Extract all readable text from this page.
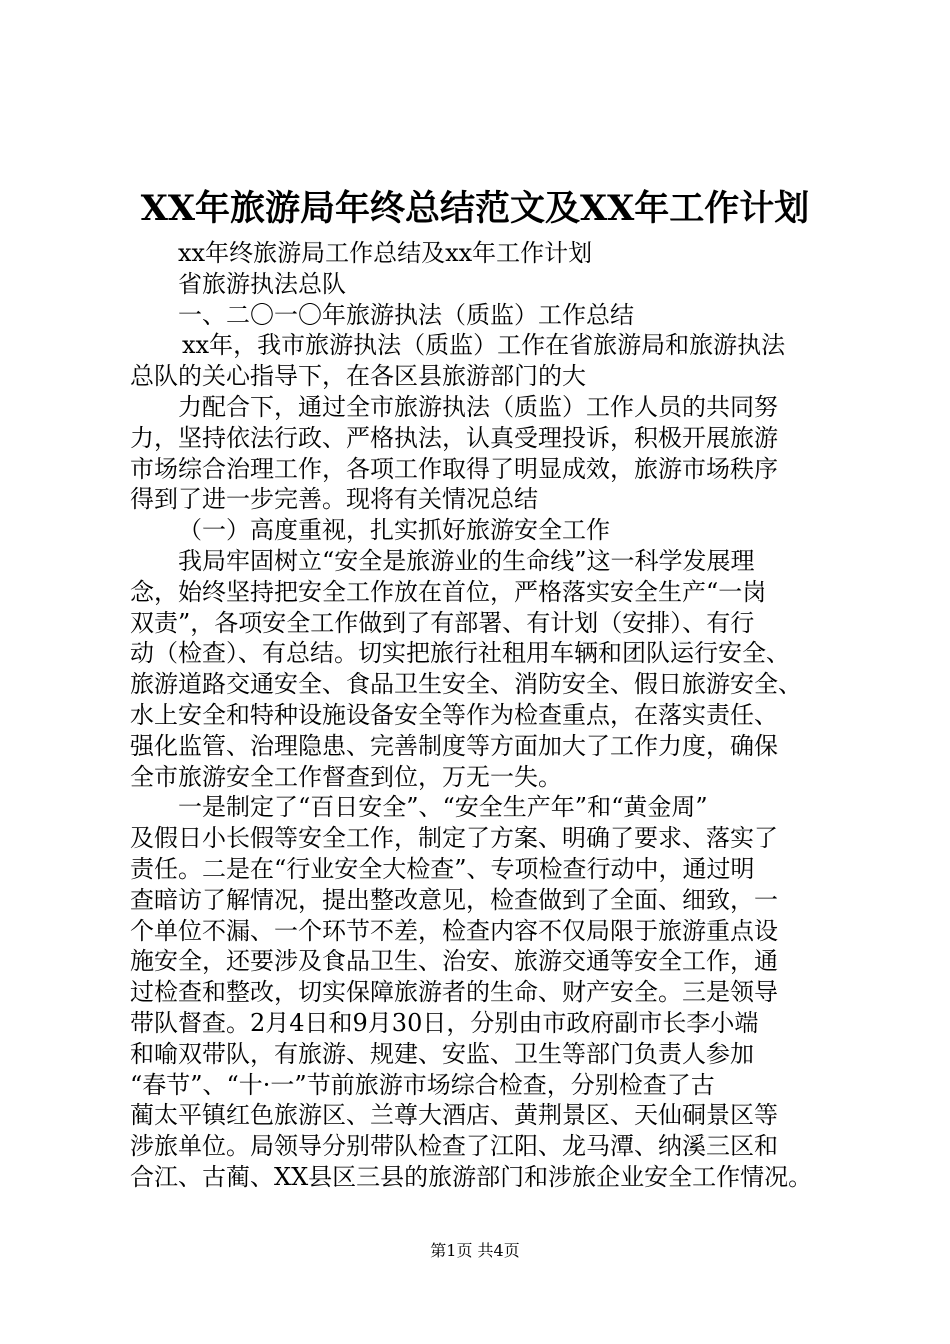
XX年旅游局年终总结范文及XX年工作计划
xx年终旅游局工作总结及xx年工作计划
省旅游执法总队
一、二〇一〇年旅游执法（质监）工作总结
xx年，我市旅游执法（质监）工作在省旅游局和旅游执法
总队的关心指导下，在各区县旅游部门的大
力配合下，通过全市旅游执法（质监）工作人员的共同努
力，坚持依法行政、严格执法，认真受理投诉，积极开展旅游
市场综合治理工作，各项工作取得了明显成效，旅游市场秩序
得到了进一步完善。现将有关情况总结
（一）高度重视，扎实抓好旅游安全工作
我局牢固树立“安全是旅游业的生命线”这一科学发展理
念，始终坚持把安全工作放在首位，严格落实安全生产“一岗
双责”，各项安全工作做到了有部署、有计划（安排）、有行
动（检查）、有总结。切实把旅行社租用车辆和团队运行安全、
旅游道路交通安全、食品卫生安全、消防安全、假日旅游安全、
水上安全和特种设施设备安全等作为检查重点，在落实责任、
强化监管、治理隐患、完善制度等方面加大了工作力度，确保
全市旅游安全工作督查到位，万无一失。
一是制定了“百日安全”、“安全生产年”和“黄金周”
及假日小长假等安全工作，制定了方案、明确了要求、落实了
责任。二是在“行业安全大检查”、专项检查行动中，通过明
查暗访了解情况，提出整改意见，检查做到了全面、细致，一
个单位不漏、一个环节不差，检查内容不仅局限于旅游重点设
施安全，还要涉及食品卫生、治安、旅游交通等安全工作，通
过检查和整改，切实保障旅游者的生命、财产安全。三是领导
带队督查。2月4日和9月30日，分别由市政府副市长李小端
和喻双带队，有旅游、规建、安监、卫生等部门负责人参加
“春节”、“十·一”节前旅游市场综合检查，分别检查了古
蔺太平镇红色旅游区、兰尊大酒店、黄荆景区、天仙硐景区等
涉旅单位。局领导分别带队检查了江阳、龙马潭、纳溪三区和
合江、古蔺、XX县区三县的旅游部门和涉旅企业安全工作情况。
第1页 共4页
